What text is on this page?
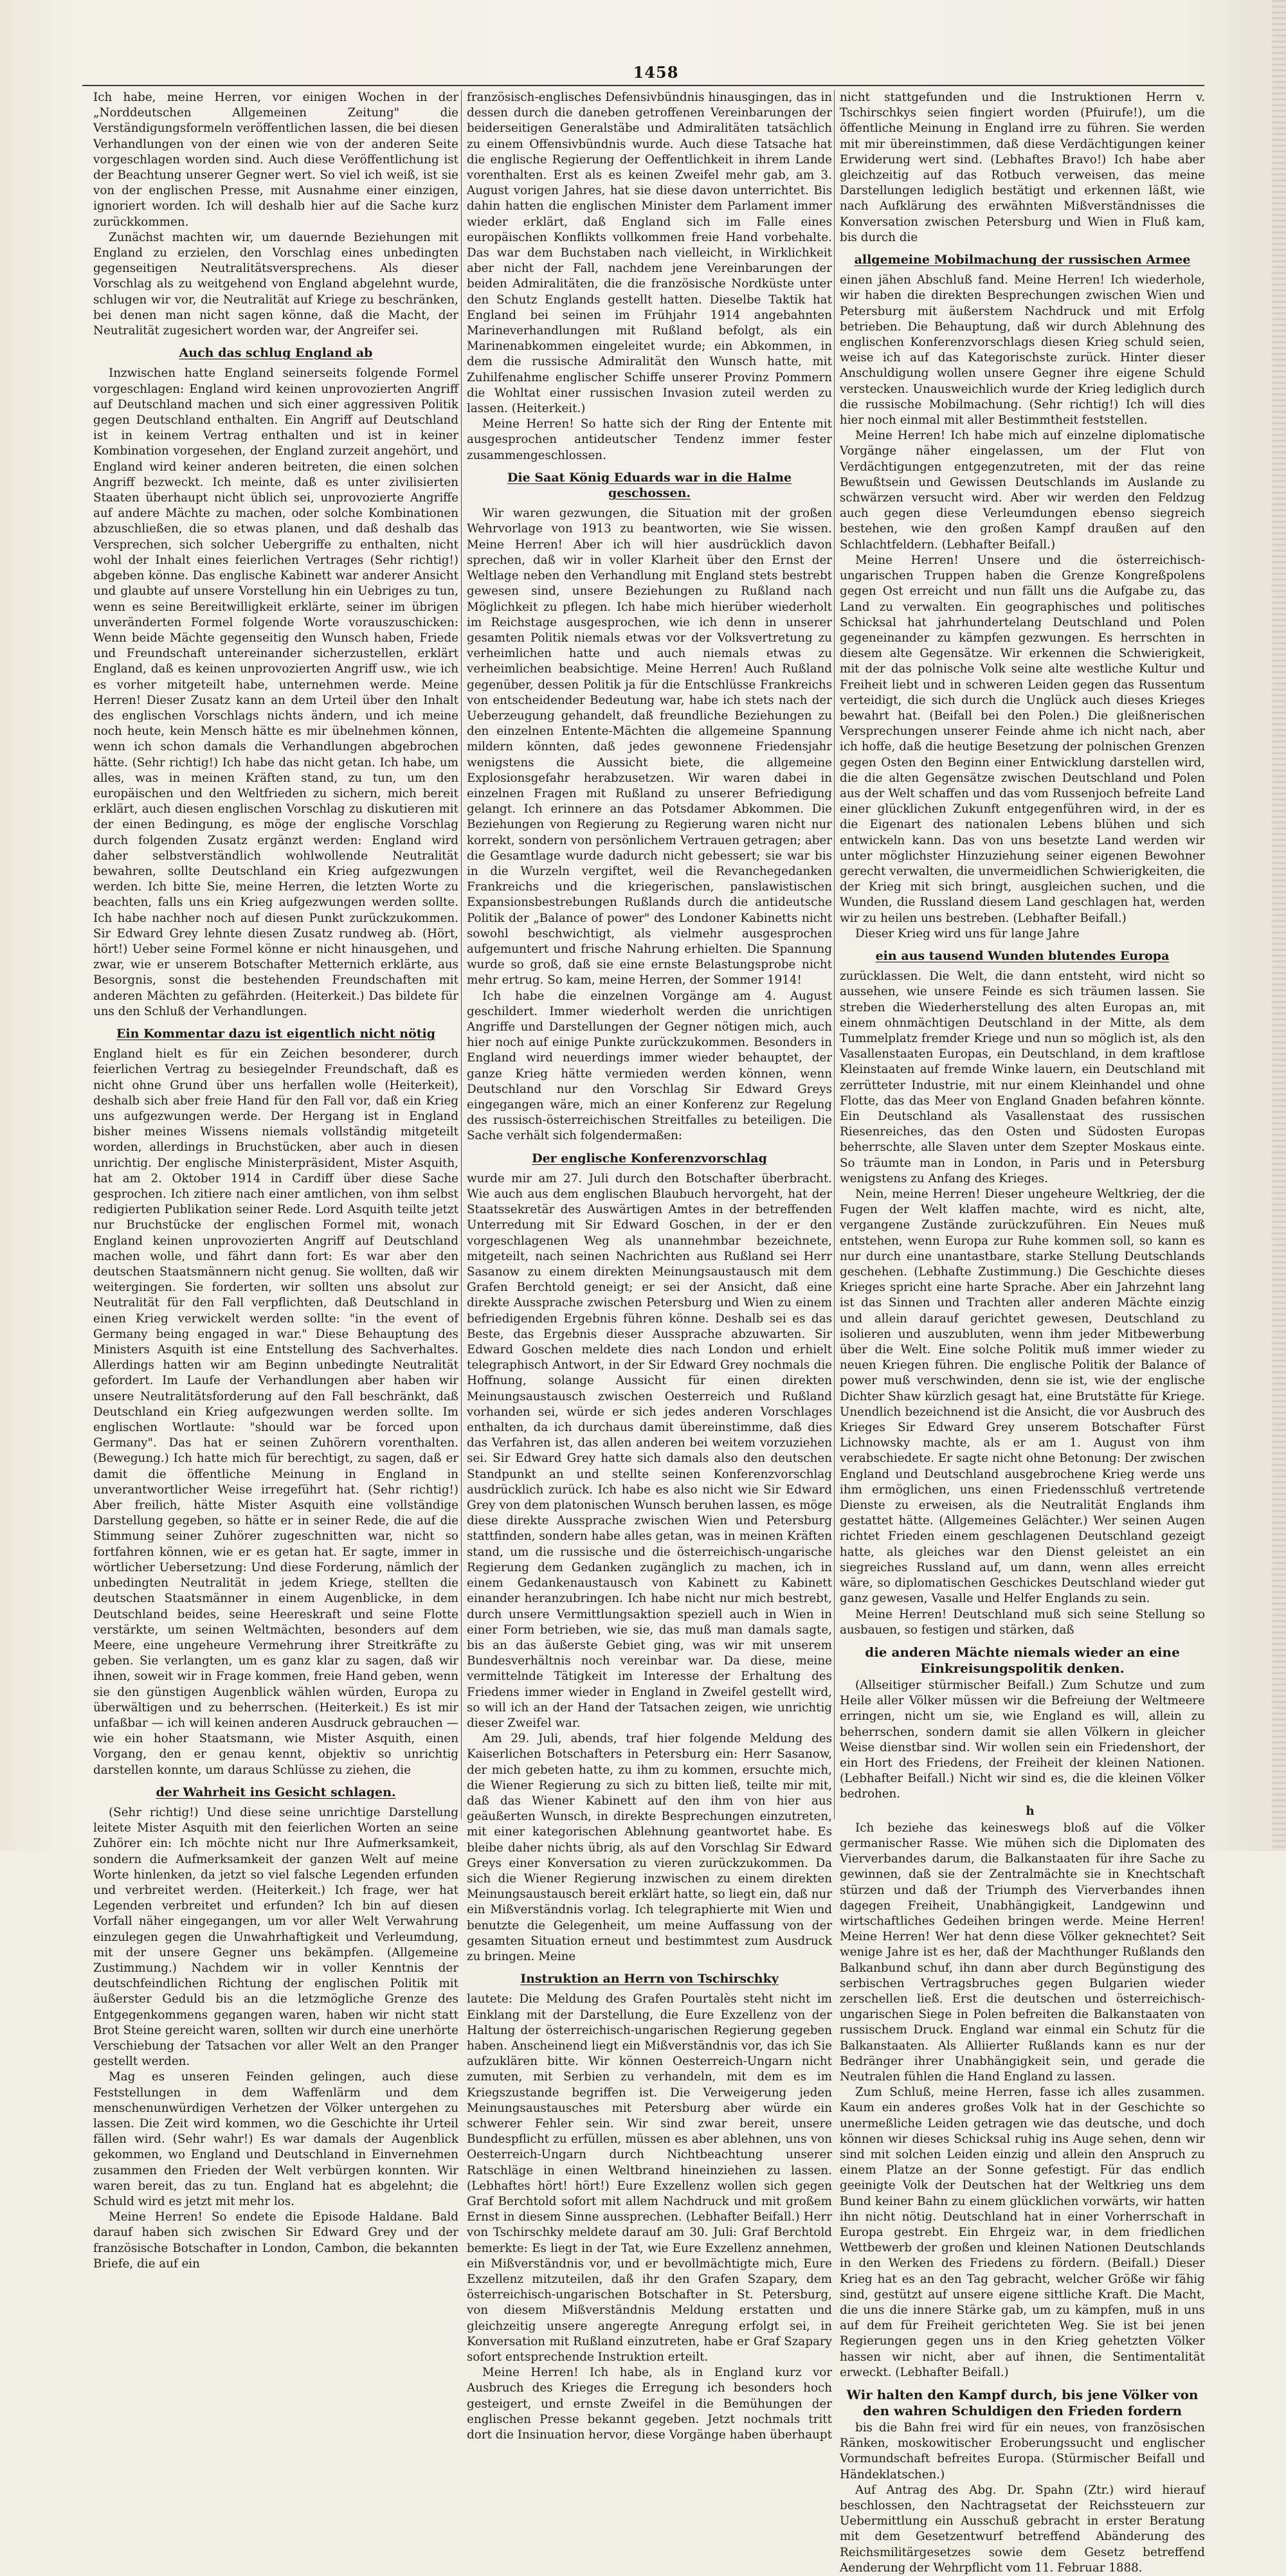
1458

Ich habe, meine Herren, vor einigen Wochen in der „Norddeutschen Allgemeinen Zeitung" die Verständigungsformeln veröffentlichen lassen, die bei diesen Verhandlungen von der einen wie von der anderen Seite vorgeschlagen worden sind. Auch diese Veröffentlichung ist der Beachtung unserer Gegner wert. So viel ich weiß, ist sie von der englischen Presse, mit Ausnahme einer einzigen, ignoriert worden. Ich will deshalb hier auf die Sache kurz zurückkommen.

Zunächst machten wir, um dauernde Beziehungen mit England zu erzielen, den Vorschlag eines unbedingten gegenseitigen Neutralitätsversprechens. Als dieser Vorschlag als zu weitgehend von England abgelehnt wurde, schlugen wir vor, die Neutralität auf Kriege zu beschränken, bei denen man nicht sagen könne, daß die Macht, der Neutralität zugesichert worden war, der Angreifer sei.

Auch das schlug England ab

Inzwischen hatte England seinerseits folgende Formel vorgeschlagen: England wird keinen unprovozierten Angriff auf Deutschland machen und sich einer aggressiven Politik gegen Deutschland enthalten. Ein Angriff auf Deutschland ist in keinem Vertrag enthalten und ist in keiner Kombination vorgesehen, der England zurzeit angehört, und England wird keiner anderen beitreten, die einen solchen Angriff bezweckt. Ich meinte, daß es unter zivilisierten Staaten überhaupt nicht üblich sei, unprovozierte Angriffe auf andere Mächte zu machen, oder solche Kombinationen abzuschließen, die so etwas planen, und daß deshalb das Versprechen, sich solcher Uebergriffe zu enthalten, nicht wohl der Inhalt eines feierlichen Vertrages (Sehr richtig!) abgeben könne. Das englische Kabinett war anderer Ansicht und glaubte auf unsere Vorstellung hin ein Uebriges zu tun, wenn es seine Bereitwilligkeit erklärte, seiner im übrigen unveränderten Formel folgende Worte vorauszuschicken: Wenn beide Mächte gegenseitig den Wunsch haben, Friede und Freundschaft untereinander sicherzustellen, erklärt England, daß es keinen unprovozierten Angriff usw., wie ich es vorher mitgeteilt habe, unternehmen werde. Meine Herren! Dieser Zusatz kann an dem Urteil über den Inhalt des englischen Vorschlags nichts ändern, und ich meine noch heute, kein Mensch hätte es mir übelnehmen können, wenn ich schon damals die Verhandlungen abgebrochen hätte. (Sehr richtig!) Ich habe das nicht getan. Ich habe, um alles, was in meinen Kräften stand, zu tun, um den europäischen und den Weltfrieden zu sichern, mich bereit erklärt, auch diesen englischen Vorschlag zu diskutieren mit der einen Bedingung, es möge der englische Vorschlag durch folgenden Zusatz ergänzt werden: England wird daher selbstverständlich wohlwollende Neutralität bewahren, sollte Deutschland ein Krieg aufgezwungen werden. Ich bitte Sie, meine Herren, die letzten Worte zu beachten, falls uns ein Krieg aufgezwungen werden sollte. Ich habe nachher noch auf diesen Punkt zurückzukommen. Sir Edward Grey lehnte diesen Zusatz rundweg ab. (Hört, hört!) Ueber seine Formel könne er nicht hinausgehen, und zwar, wie er unserem Botschafter Metternich erklärte, aus Besorgnis, sonst die bestehenden Freundschaften mit anderen Mächten zu gefährden. (Heiterkeit.) Das bildete für uns den Schluß der Verhandlungen.

Ein Kommentar dazu ist eigentlich nicht nötig

England hielt es für ein Zeichen besonderer, durch feierlichen Vertrag zu besiegelnder Freundschaft, daß es nicht ohne Grund über uns herfallen wolle (Heiterkeit), deshalb sich aber freie Hand für den Fall vor, daß ein Krieg uns aufgezwungen werde. Der Hergang ist in England bisher meines Wissens niemals vollständig mitgeteilt worden, allerdings in Bruchstücken, aber auch in diesen unrichtig. Der englische Ministerpräsident, Mister Asquith, hat am 2. Oktober 1914 in Cardiff über diese Sache gesprochen. Ich zitiere nach einer amtlichen, von ihm selbst redigierten Publikation seiner Rede. Lord Asquith teilte jetzt nur Bruchstücke der englischen Formel mit, wonach England keinen unprovozierten Angriff auf Deutschland machen wolle, und fährt dann fort: Es war aber den deutschen Staatsmännern nicht genug. Sie wollten, daß wir weitergingen. Sie forderten, wir sollten uns absolut zur Neutralität für den Fall verpflichten, daß Deutschland in einen Krieg verwickelt werden sollte: "in the event of Germany being engaged in war." Diese Behauptung des Ministers Asquith ist eine Entstellung des Sachverhaltes. Allerdings hatten wir am Beginn unbedingte Neutralität gefordert. Im Laufe der Verhandlungen aber haben wir unsere Neutralitätsforderung auf den Fall beschränkt, daß Deutschland ein Krieg aufgezwungen werden sollte. Im englischen Wortlaute: "should war be forced upon Germany". Das hat er seinen Zuhörern vorenthalten. (Bewegung.) Ich hatte mich für berechtigt, zu sagen, daß er damit die öffentliche Meinung in England in unverantwortlicher Weise irregeführt hat. (Sehr richtig!) Aber freilich, hätte Mister Asquith eine vollständige Darstellung gegeben, so hätte er in seiner Rede, die auf die Stimmung seiner Zuhörer zugeschnitten war, nicht so fortfahren können, wie er es getan hat. Er sagte, immer in wörtlicher Uebersetzung: Und diese Forderung, nämlich der unbedingten Neutralität in jedem Kriege, stellten die deutschen Staatsmänner in einem Augenblicke, in dem Deutschland beides, seine Heereskraft und seine Flotte verstärkte, um seinen Weltmächten, besonders auf dem Meere, eine ungeheure Vermehrung ihrer Streitkräfte zu geben. Sie verlangten, um es ganz klar zu sagen, daß wir ihnen, soweit wir in Frage kommen, freie Hand geben, wenn sie den günstigen Augenblick wählen würden, Europa zu überwältigen und zu beherrschen. (Heiterkeit.) Es ist mir unfaßbar — ich will keinen anderen Ausdruck gebrauchen — wie ein hoher Staatsmann, wie Mister Asquith, einen Vorgang, den er genau kennt, objektiv so unrichtig darstellen konnte, um daraus Schlüsse zu ziehen, die

der Wahrheit ins Gesicht schlagen.

(Sehr richtig!) Und diese seine unrichtige Darstellung leitete Mister Asquith mit den feierlichen Worten an seine Zuhörer ein: Ich möchte nicht nur Ihre Aufmerksamkeit, sondern die Aufmerksamkeit der ganzen Welt auf meine Worte hinlenken, da jetzt so viel falsche Legenden erfunden und verbreitet werden. (Heiterkeit.) Ich frage, wer hat Legenden verbreitet und erfunden? Ich bin auf diesen Vorfall näher eingegangen, um vor aller Welt Verwahrung einzulegen gegen die Unwahrhaftigkeit und Verleumdung, mit der unsere Gegner uns bekämpfen. (Allgemeine Zustimmung.) Nachdem wir in voller Kenntnis der deutschfeindlichen Richtung der englischen Politik mit äußerster Geduld bis an die letzmögliche Grenze des Entgegenkommens gegangen waren, haben wir nicht statt Brot Steine gereicht waren, sollten wir durch eine unerhörte Verschiebung der Tatsachen vor aller Welt an den Pranger gestellt werden.

Mag es unseren Feinden gelingen, auch diese Feststellungen in dem Waffenlärm und dem menschenunwürdigen Verhetzen der Völker untergehen zu lassen. Die Zeit wird kommen, wo die Geschichte ihr Urteil fällen wird. (Sehr wahr!) Es war damals der Augenblick gekommen, wo England und Deutschland in Einvernehmen zusammen den Frieden der Welt verbürgen konnten. Wir waren bereit, das zu tun. England hat es abgelehnt; die Schuld wird es jetzt mit mehr los.

Meine Herren! So endete die Episode Haldane. Bald darauf haben sich zwischen Sir Edward Grey und der französische Botschafter in London, Cambon, die bekannten Briefe, die auf ein

französisch-englisches Defensivbündnis hinausgingen, das in dessen durch die daneben getroffenen Vereinbarungen der beiderseitigen Generalstäbe und Admiralitäten tatsächlich zu einem Offensivbündnis wurde. Auch diese Tatsache hat die englische Regierung der Oeffentlichkeit in ihrem Lande vorenthalten. Erst als es keinen Zweifel mehr gab, am 3. August vorigen Jahres, hat sie diese davon unterrichtet. Bis dahin hatten die englischen Minister dem Parlament immer wieder erklärt, daß England sich im Falle eines europäischen Konflikts vollkommen freie Hand vorbehalte. Das war dem Buchstaben nach vielleicht, in Wirklichkeit aber nicht der Fall, nachdem jene Vereinbarungen der beiden Admiralitäten, die die französische Nordküste unter den Schutz Englands gestellt hatten. Dieselbe Taktik hat England bei seinen im Frühjahr 1914 angebahnten Marineverhandlungen mit Rußland befolgt, als ein Marinenabkommen eingeleitet wurde; ein Abkommen, in dem die russische Admiralität den Wunsch hatte, mit Zuhilfenahme englischer Schiffe unserer Provinz Pommern die Wohltat einer russischen Invasion zuteil werden zu lassen. (Heiterkeit.)

Meine Herren! So hatte sich der Ring der Entente mit ausgesprochen antideutscher Tendenz immer fester zusammengeschlossen.

Die Saat König Eduards war in die Halme geschossen.

Wir waren gezwungen, die Situation mit der großen Wehrvorlage von 1913 zu beantworten, wie Sie wissen. Meine Herren! Aber ich will hier ausdrücklich davon sprechen, daß wir in voller Klarheit über den Ernst der Weltlage neben den Verhandlung mit England stets bestrebt gewesen sind, unsere Beziehungen zu Rußland nach Möglichkeit zu pflegen. Ich habe mich hierüber wiederholt im Reichstage ausgesprochen, wie ich denn in unserer gesamten Politik niemals etwas vor der Volksvertretung zu verheimlichen hatte und auch niemals etwas zu verheimlichen beabsichtige. Meine Herren! Auch Rußland gegenüber, dessen Politik ja für die Entschlüsse Frankreichs von entscheidender Bedeutung war, habe ich stets nach der Ueberzeugung gehandelt, daß freundliche Beziehungen zu den einzelnen Entente-Mächten die allgemeine Spannung mildern könnten, daß jedes gewonnene Friedensjahr wenigstens die Aussicht biete, die allgemeine Explosionsgefahr herabzusetzen. Wir waren dabei in einzelnen Fragen mit Rußland zu unserer Befriedigung gelangt. Ich erinnere an das Potsdamer Abkommen. Die Beziehungen von Regierung zu Regierung waren nicht nur korrekt, sondern von persönlichem Vertrauen getragen; aber die Gesamtlage wurde dadurch nicht gebessert; sie war bis in die Wurzeln vergiftet, weil die Revanchegedanken Frankreichs und die kriegerischen, panslawistischen Expansionsbestrebungen Rußlands durch die antideutsche Politik der „Balance of power" des Londoner Kabinetts nicht sowohl beschwichtigt, als vielmehr ausgesprochen aufgemuntert und frische Nahrung erhielten. Die Spannung wurde so groß, daß sie eine ernste Belastungsprobe nicht mehr ertrug. So kam, meine Herren, der Sommer 1914!

Ich habe die einzelnen Vorgänge am 4. August geschildert. Immer wiederholt werden die unrichtigen Angriffe und Darstellungen der Gegner nötigen mich, auch hier noch auf einige Punkte zurückzukommen. Besonders in England wird neuerdings immer wieder behauptet, der ganze Krieg hätte vermieden werden können, wenn Deutschland nur den Vorschlag Sir Edward Greys eingegangen wäre, mich an einer Konferenz zur Regelung des russisch-österreichischen Streitfalles zu beteiligen. Die Sache verhält sich folgendermaßen:

Der englische Konferenzvorschlag

wurde mir am 27. Juli durch den Botschafter überbracht. Wie auch aus dem englischen Blaubuch hervorgeht, hat der Staatssekretär des Auswärtigen Amtes in der betreffenden Unterredung mit Sir Edward Goschen, in der er den vorgeschlagenen Weg als unannehmbar bezeichnete, mitgeteilt, nach seinen Nachrichten aus Rußland sei Herr Sasanow zu einem direkten Meinungsaustausch mit dem Grafen Berchtold geneigt; er sei der Ansicht, daß eine direkte Aussprache zwischen Petersburg und Wien zu einem befriedigenden Ergebnis führen könne. Deshalb sei es das Beste, das Ergebnis dieser Aussprache abzuwarten. Sir Edward Goschen meldete dies nach London und erhielt telegraphisch Antwort, in der Sir Edward Grey nochmals die Hoffnung, solange Aussicht für einen direkten Meinungsaustausch zwischen Oesterreich und Rußland vorhanden sei, würde er sich jedes anderen Vorschlages enthalten, da ich durchaus damit übereinstimme, daß dies das Verfahren ist, das allen anderen bei weitem vorzuziehen sei. Sir Edward Grey hatte sich damals also den deutschen Standpunkt an und stellte seinen Konferenzvorschlag ausdrücklich zurück. Ich habe es also nicht wie Sir Edward Grey von dem platonischen Wunsch beruhen lassen, es möge diese direkte Aussprache zwischen Wien und Petersburg stattfinden, sondern habe alles getan, was in meinen Kräften stand, um die russische und die österreichisch-ungarische Regierung dem Gedanken zugänglich zu machen, ich in einem Gedankenaustausch von Kabinett zu Kabinett einander heranzubringen. Ich habe nicht nur mich bestrebt, durch unsere Vermittlungsaktion speziell auch in Wien in einer Form betrieben, wie sie, das muß man damals sagte, bis an das äußerste Gebiet ging, was wir mit unserem Bundesverhältnis noch vereinbar war. Da diese, meine vermittelnde Tätigkeit im Interesse der Erhaltung des Friedens immer wieder in England in Zweifel gestellt wird, so will ich an der Hand der Tatsachen zeigen, wie unrichtig dieser Zweifel war.

Am 29. Juli, abends, traf hier folgende Meldung des Kaiserlichen Botschafters in Petersburg ein: Herr Sasanow, der mich gebeten hatte, zu ihm zu kommen, ersuchte mich, die Wiener Regierung zu sich zu bitten ließ, teilte mir mit, daß das Wiener Kabinett auf den ihm von hier aus geäußerten Wunsch, in direkte Besprechungen einzutreten, mit einer kategorischen Ablehnung geantwortet habe. Es bleibe daher nichts übrig, als auf den Vorschlag Sir Edward Greys einer Konversation zu vieren zurückzukommen. Da sich die Wiener Regierung inzwischen zu einem direkten Meinungsaustausch bereit erklärt hatte, so liegt ein, daß nur ein Mißverständnis vorlag. Ich telegraphierte mit Wien und benutzte die Gelegenheit, um meine Auffassung von der gesamten Situation erneut und bestimmtest zum Ausdruck zu bringen. Meine

Instruktion an Herrn von Tschirschky

lautete: Die Meldung des Grafen Pourtalès steht nicht im Einklang mit der Darstellung, die Eure Exzellenz von der Haltung der österreichisch-ungarischen Regierung gegeben haben. Anscheinend liegt ein Mißverständnis vor, das ich Sie aufzuklären bitte. Wir können Oesterreich-Ungarn nicht zumuten, mit Serbien zu verhandeln, mit dem es im Kriegszustande begriffen ist. Die Verweigerung jeden Meinungsaustausches mit Petersburg aber würde ein schwerer Fehler sein. Wir sind zwar bereit, unsere Bundespflicht zu erfüllen, müssen es aber ablehnen, uns von Oesterreich-Ungarn durch Nichtbeachtung unserer Ratschläge in einen Weltbrand hineinziehen zu lassen. (Lebhaftes hört! hört!) Eure Exzellenz wollen sich gegen Graf Berchtold sofort mit allem Nachdruck und mit großem Ernst in diesem Sinne aussprechen. (Lebhafter Beifall.) Herr von Tschirschky meldete darauf am 30. Juli: Graf Berchtold bemerkte: Es liegt in der Tat, wie Eure Exzellenz annehmen, ein Mißverständnis vor, und er bevollmächtigte mich, Eure Exzellenz mitzuteilen, daß ihr den Grafen Szapary, dem österreichisch-ungarischen Botschafter in St. Petersburg, von diesem Mißverständnis Meldung erstatten und gleichzeitig unsere angeregte Anregung erfolgt sei, in Konversation mit Rußland einzutreten, habe er Graf Szapary sofort entsprechende Instruktion erteilt.

Meine Herren! Ich habe, als in England kurz vor Ausbruch des Krieges die Erregung ich besonders hoch gesteigert, und ernste Zweifel in die Bemühungen der englischen Presse bekannt gegeben. Jetzt nochmals tritt dort die Insinuation hervor, diese Vorgänge haben überhaupt

nicht stattgefunden und die Instruktionen Herrn v. Tschirschkys seien fingiert worden (Pfuirufe!), um die öffentliche Meinung in England irre zu führen. Sie werden mit mir übereinstimmen, daß diese Verdächtigungen keiner Erwiderung wert sind. (Lebhaftes Bravo!) Ich habe aber gleichzeitig auf das Rotbuch verweisen, das meine Darstellungen lediglich bestätigt und erkennen läßt, wie nach Aufklärung des erwähnten Mißverständnisses die Konversation zwischen Petersburg und Wien in Fluß kam, bis durch die

allgemeine Mobilmachung der russischen Armee

einen jähen Abschluß fand. Meine Herren! Ich wiederhole, wir haben die direkten Besprechungen zwischen Wien und Petersburg mit äußerstem Nachdruck und mit Erfolg betrieben. Die Behauptung, daß wir durch Ablehnung des englischen Konferenzvorschlags diesen Krieg schuld seien, weise ich auf das Kategorischste zurück. Hinter dieser Anschuldigung wollen unsere Gegner ihre eigene Schuld verstecken. Unausweichlich wurde der Krieg lediglich durch die russische Mobilmachung. (Sehr richtig!) Ich will dies hier noch einmal mit aller Bestimmtheit feststellen.

Meine Herren! Ich habe mich auf einzelne diplomatische Vorgänge näher eingelassen, um der Flut von Verdächtigungen entgegenzutreten, mit der das reine Bewußtsein und Gewissen Deutschlands im Auslande zu schwärzen versucht wird. Aber wir werden den Feldzug auch gegen diese Verleumdungen ebenso siegreich bestehen, wie den großen Kampf draußen auf den Schlachtfeldern. (Lebhafter Beifall.)

Meine Herren! Unsere und die österreichisch-ungarischen Truppen haben die Grenze Kongreßpolens gegen Ost erreicht und nun fällt uns die Aufgabe zu, das Land zu verwalten. Ein geographisches und politisches Schicksal hat jahrhundertelang Deutschland und Polen gegeneinander zu kämpfen gezwungen. Es herrschten in diesem alte Gegensätze. Wir erkennen die Schwierigkeit, mit der das polnische Volk seine alte westliche Kultur und Freiheit liebt und in schweren Leiden gegen das Russentum verteidigt, die sich durch die Unglück auch dieses Krieges bewahrt hat. (Beifall bei den Polen.) Die gleißnerischen Versprechungen unserer Feinde ahme ich nicht nach, aber ich hoffe, daß die heutige Besetzung der polnischen Grenzen gegen Osten den Beginn einer Entwicklung darstellen wird, die die alten Gegensätze zwischen Deutschland und Polen aus der Welt schaffen und das vom Russenjoch befreite Land einer glücklichen Zukunft entgegenführen wird, in der es die Eigenart des nationalen Lebens blühen und sich entwickeln kann. Das von uns besetzte Land werden wir unter möglichster Hinzuziehung seiner eigenen Bewohner gerecht verwalten, die unvermeidlichen Schwierigkeiten, die der Krieg mit sich bringt, ausgleichen suchen, und die Wunden, die Russland diesem Land geschlagen hat, werden wir zu heilen uns bestreben. (Lebhafter Beifall.)

Dieser Krieg wird uns für lange Jahre

ein aus tausend Wunden blutendes Europa

zurücklassen. Die Welt, die dann entsteht, wird nicht so aussehen, wie unsere Feinde es sich träumen lassen. Sie streben die Wiederherstellung des alten Europas an, mit einem ohnmächtigen Deutschland in der Mitte, als dem Tummelplatz fremder Kriege und nun so möglich ist, als den Vasallenstaaten Europas, ein Deutschland, in dem kraftlose Kleinstaaten auf fremde Winke lauern, ein Deutschland mit zerrütteter Industrie, mit nur einem Kleinhandel und ohne Flotte, das das Meer von England Gnaden befahren könnte. Ein Deutschland als Vasallenstaat des russischen Riesenreiches, das den Osten und Südosten Europas beherrschte, alle Slaven unter dem Szepter Moskaus einte. So träumte man in London, in Paris und in Petersburg wenigstens zu Anfang des Krieges.

Nein, meine Herren! Dieser ungeheure Weltkrieg, der die Fugen der Welt klaffen machte, wird es nicht, alte, vergangene Zustände zurückzuführen. Ein Neues muß entstehen, wenn Europa zur Ruhe kommen soll, so kann es nur durch eine unantastbare, starke Stellung Deutschlands geschehen. (Lebhafte Zustimmung.) Die Geschichte dieses Krieges spricht eine harte Sprache. Aber ein Jahrzehnt lang ist das Sinnen und Trachten aller anderen Mächte einzig und allein darauf gerichtet gewesen, Deutschland zu isolieren und auszubluten, wenn ihm jeder Mitbewerbung über die Welt. Eine solche Politik muß immer wieder zu neuen Kriegen führen. Die englische Politik der Balance of power muß verschwinden, denn sie ist, wie der englische Dichter Shaw kürzlich gesagt hat, eine Brutstätte für Kriege. Unendlich bezeichnend ist die Ansicht, die vor Ausbruch des Krieges Sir Edward Grey unserem Botschafter Fürst Lichnowsky machte, als er am 1. August von ihm verabschiedete. Er sagte nicht ohne Betonung: Der zwischen England und Deutschland ausgebrochene Krieg werde uns ihm ermöglichen, uns einen Friedensschluß vertretende Dienste zu erweisen, als die Neutralität Englands ihm gestattet hätte. (Allgemeines Gelächter.) Wer seinen Augen richtet Frieden einem geschlagenen Deutschland gezeigt hatte, als gleiches war den Dienst geleistet an ein siegreiches Russland auf, um dann, wenn alles erreicht wäre, so diplomatischen Geschickes Deutschland wieder gut ganz gewesen, Vasalle und Helfer Englands zu sein.

Meine Herren! Deutschland muß sich seine Stellung so ausbauen, so festigen und stärken, daß

die anderen Mächte niemals wieder an eine Einkreisungspolitik denken.

(Allseitiger stürmischer Beifall.) Zum Schutze und zum Heile aller Völker müssen wir die Befreiung der Weltmeere erringen, nicht um sie, wie England es will, allein zu beherrschen, sondern damit sie allen Völkern in gleicher Weise dienstbar sind. Wir wollen sein ein Friedenshort, der ein Hort des Friedens, der Freiheit der kleinen Nationen. (Lebhafter Beifall.) Nicht wir sind es, die die kleinen Völker bedrohen.

h

Ich beziehe das keineswegs bloß auf die Völker germanischer Rasse. Wie mühen sich die Diplomaten des Vierverbandes darum, die Balkanstaaten für ihre Sache zu gewinnen, daß sie der Zentralmächte sie in Knechtschaft stürzen und daß der Triumph des Vierverbandes ihnen dagegen Freiheit, Unabhängigkeit, Landgewinn und wirtschaftliches Gedeihen bringen werde. Meine Herren! Meine Herren! Wer hat denn diese Völker geknechtet? Seit wenige Jahre ist es her, daß der Machthunger Rußlands den Balkanbund schuf, ihn dann aber durch Begünstigung des serbischen Vertragsbruches gegen Bulgarien wieder zerschellen ließ. Erst die deutschen und österreichisch-ungarischen Siege in Polen befreiten die Balkanstaaten von russischem Druck. England war einmal ein Schutz für die Balkanstaaten. Als Alliierter Rußlands kann es nur der Bedränger ihrer Unabhängigkeit sein, und gerade die Neutralen fühlen die Hand England zu lassen.

Zum Schluß, meine Herren, fasse ich alles zusammen. Kaum ein anderes großes Volk hat in der Geschichte so unermeßliche Leiden getragen wie das deutsche, und doch können wir dieses Schicksal ruhig ins Auge sehen, denn wir sind mit solchen Leiden einzig und allein den Anspruch zu einem Platze an der Sonne gefestigt. Für das endlich geeinigte Volk der Deutschen hat der Weltkrieg uns dem Bund keiner Bahn zu einem glücklichen vorwärts, wir hatten ihn nicht nötig. Deutschland hat in einer Vorherrschaft in Europa gestrebt. Ein Ehrgeiz war, in dem friedlichen Wettbewerb der großen und kleinen Nationen Deutschlands in den Werken des Friedens zu fördern. (Beifall.) Dieser Krieg hat es an den Tag gebracht, welcher Größe wir fähig sind, gestützt auf unsere eigene sittliche Kraft. Die Macht, die uns die innere Stärke gab, um zu kämpfen, muß in uns auf dem für Freiheit gerichteten Weg. Sie ist bei jenen Regierungen gegen uns in den Krieg gehetzten Völker hassen wir nicht, aber auf ihnen, die Sentimentalität erweckt. (Lebhafter Beifall.)

Wir halten den Kampf durch, bis jene Völker von den wahren Schuldigen den Frieden fordern

bis die Bahn frei wird für ein neues, von französischen Ränken, moskowitischer Eroberungssucht und englischer Vormundschaft befreites Europa. (Stürmischer Beifall und Händeklatschen.)

Auf Antrag des Abg. Dr. Spahn (Ztr.) wird hierauf beschlossen, den Nachtragsetat der Reichssteuern zur Uebermittlung ein Ausschuß gebracht in erster Beratung mit dem Gesetzentwurf betreffend Abänderung des Reichsmilitärgesetzes sowie dem Gesetz betreffend Aenderung der Wehrpflicht vom 11. Februar 1888.
